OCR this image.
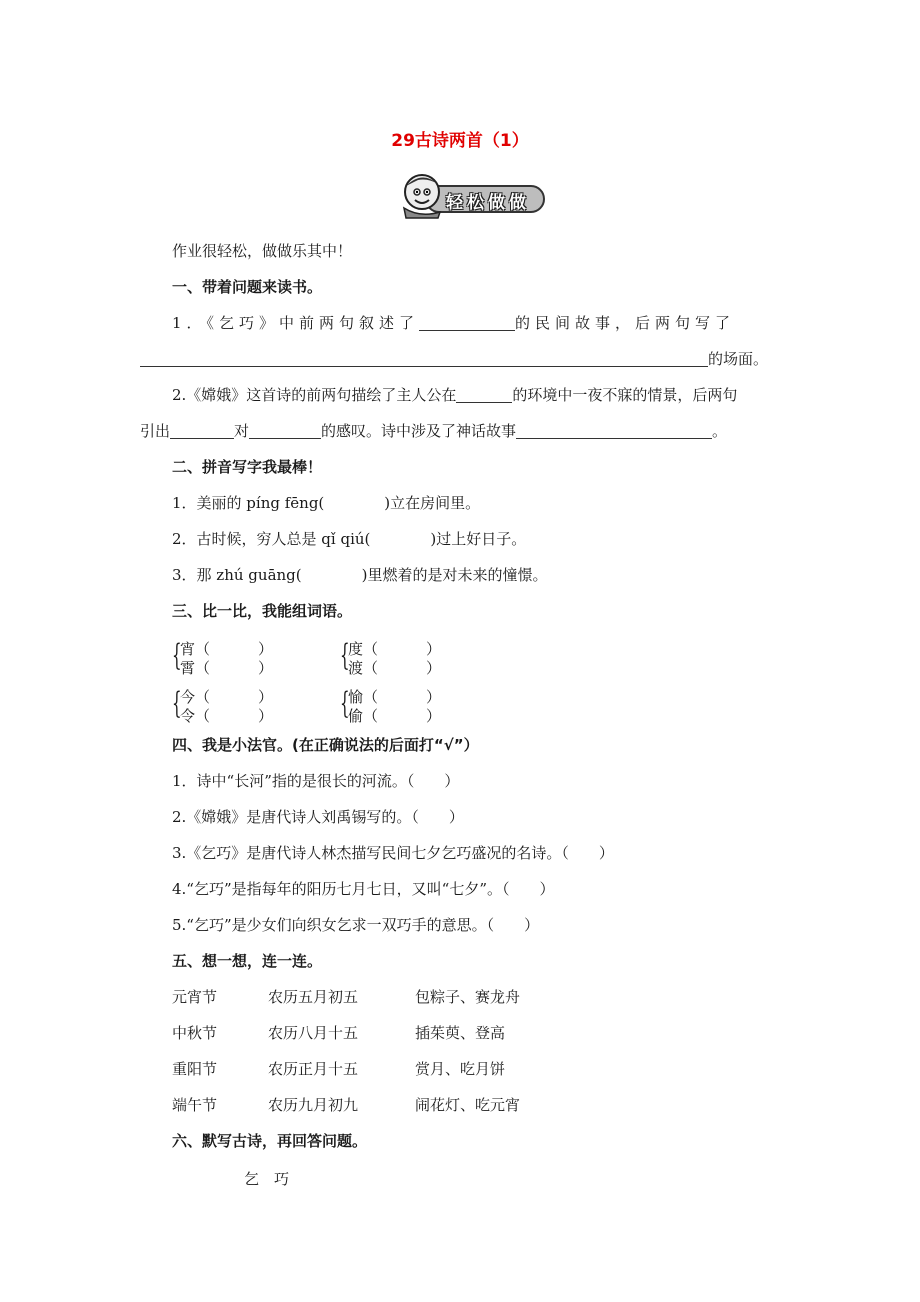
29古诗两首（1）
轻松做做
作业很轻松，做做乐其中！
一、带着问题来读书。
1．《乞巧》中前两句叙述了	的民间故事，后两句写了
的场面。
2.《嫦娥》这首诗的前两句描绘了主人公在	的环境中一夜不寐的情景，后两句
引出	对	的感叹。诗中涉及了神话故事	。
二、拼音写字我最棒！
1．美丽的 píng fēng(	)立在房间里。
2．古时候，穷人总是 qǐ qiú(	)过上好日子。
3．那 zhú guāng(	)里燃着的是对未来的憧憬。
三、比一比，我能组词语。
{
宵（	）
霄（	） {
度（	）
渡（	）
{
今（	）
令（	） {
愉（	）
偷（	）
四、我是小法官。(在正确说法的后面打“√”）
1．诗中“长河”指的是很长的河流。（　　）
2.《嫦娥》是唐代诗人刘禹锡写的。（　　）
3.《乞巧》是唐代诗人林杰描写民间七夕乞巧盛况的名诗。（　　）
4.“乞巧”是指每年的阳历七月七日，又叫“七夕”。（　　）
5.“乞巧”是少女们向织女乞求一双巧手的意思。（　　）
五、想一想，连一连。
元宵节	农历五月初五	包粽子、赛龙舟
中秋节	农历八月十五	插茱萸、登高
重阳节	农历正月十五	赏月、吃月饼
端午节	农历九月初九	闹花灯、吃元宵
六、默写古诗，再回答问题。
乞　巧
